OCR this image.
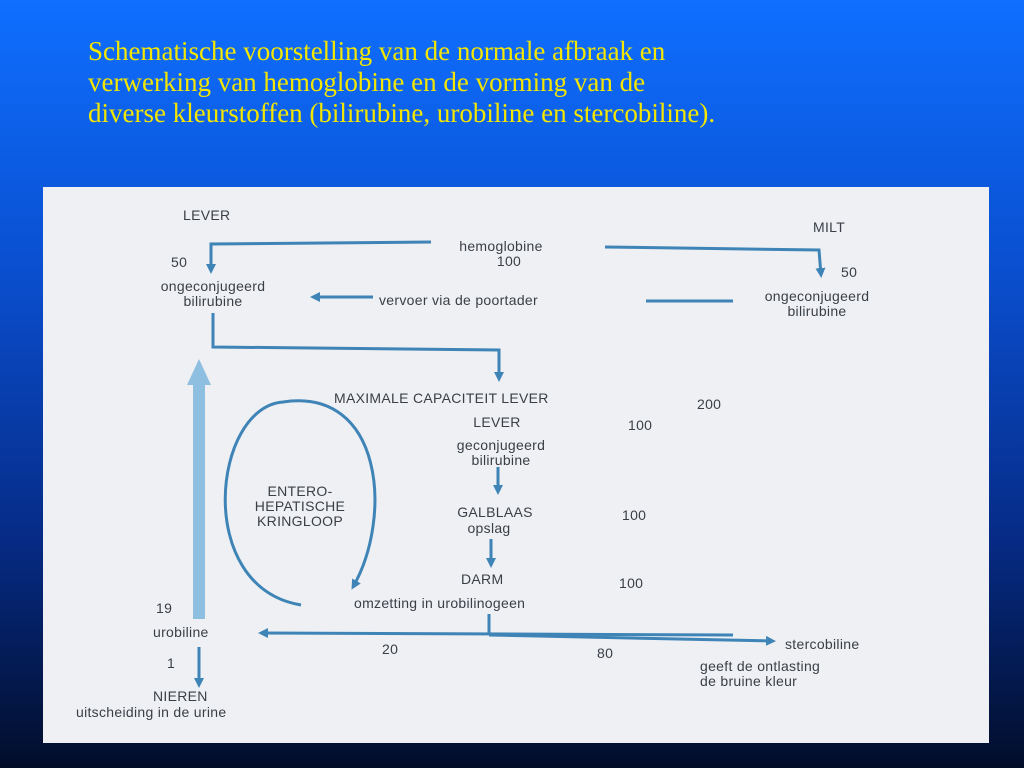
Schematische voorstelling van de normale afbraak en
verwerking van hemoglobine en de vorming van de
diverse kleurstoffen (bilirubine, urobiline en stercobiline).
LEVER
MILT
hemoglobine
100
50
50
ongeconjugeerd
bilirubine	vervoer via de poortader	ongeconjugeerd
bilirubine
MAXIMALE CAPACITEIT LEVER	200
LEVER	100
geconjugeerd
bilirubine
GALBLAAS
opslag
100
DARM	100
omzetting in urobilinogeen
ENTERO-
HEPATISCHE
KRINGLOOP
19
urobiline
1
NIEREN
uitscheiding in de urine
20	80
stercobiline
geeft de ontlasting
de bruine kleur
